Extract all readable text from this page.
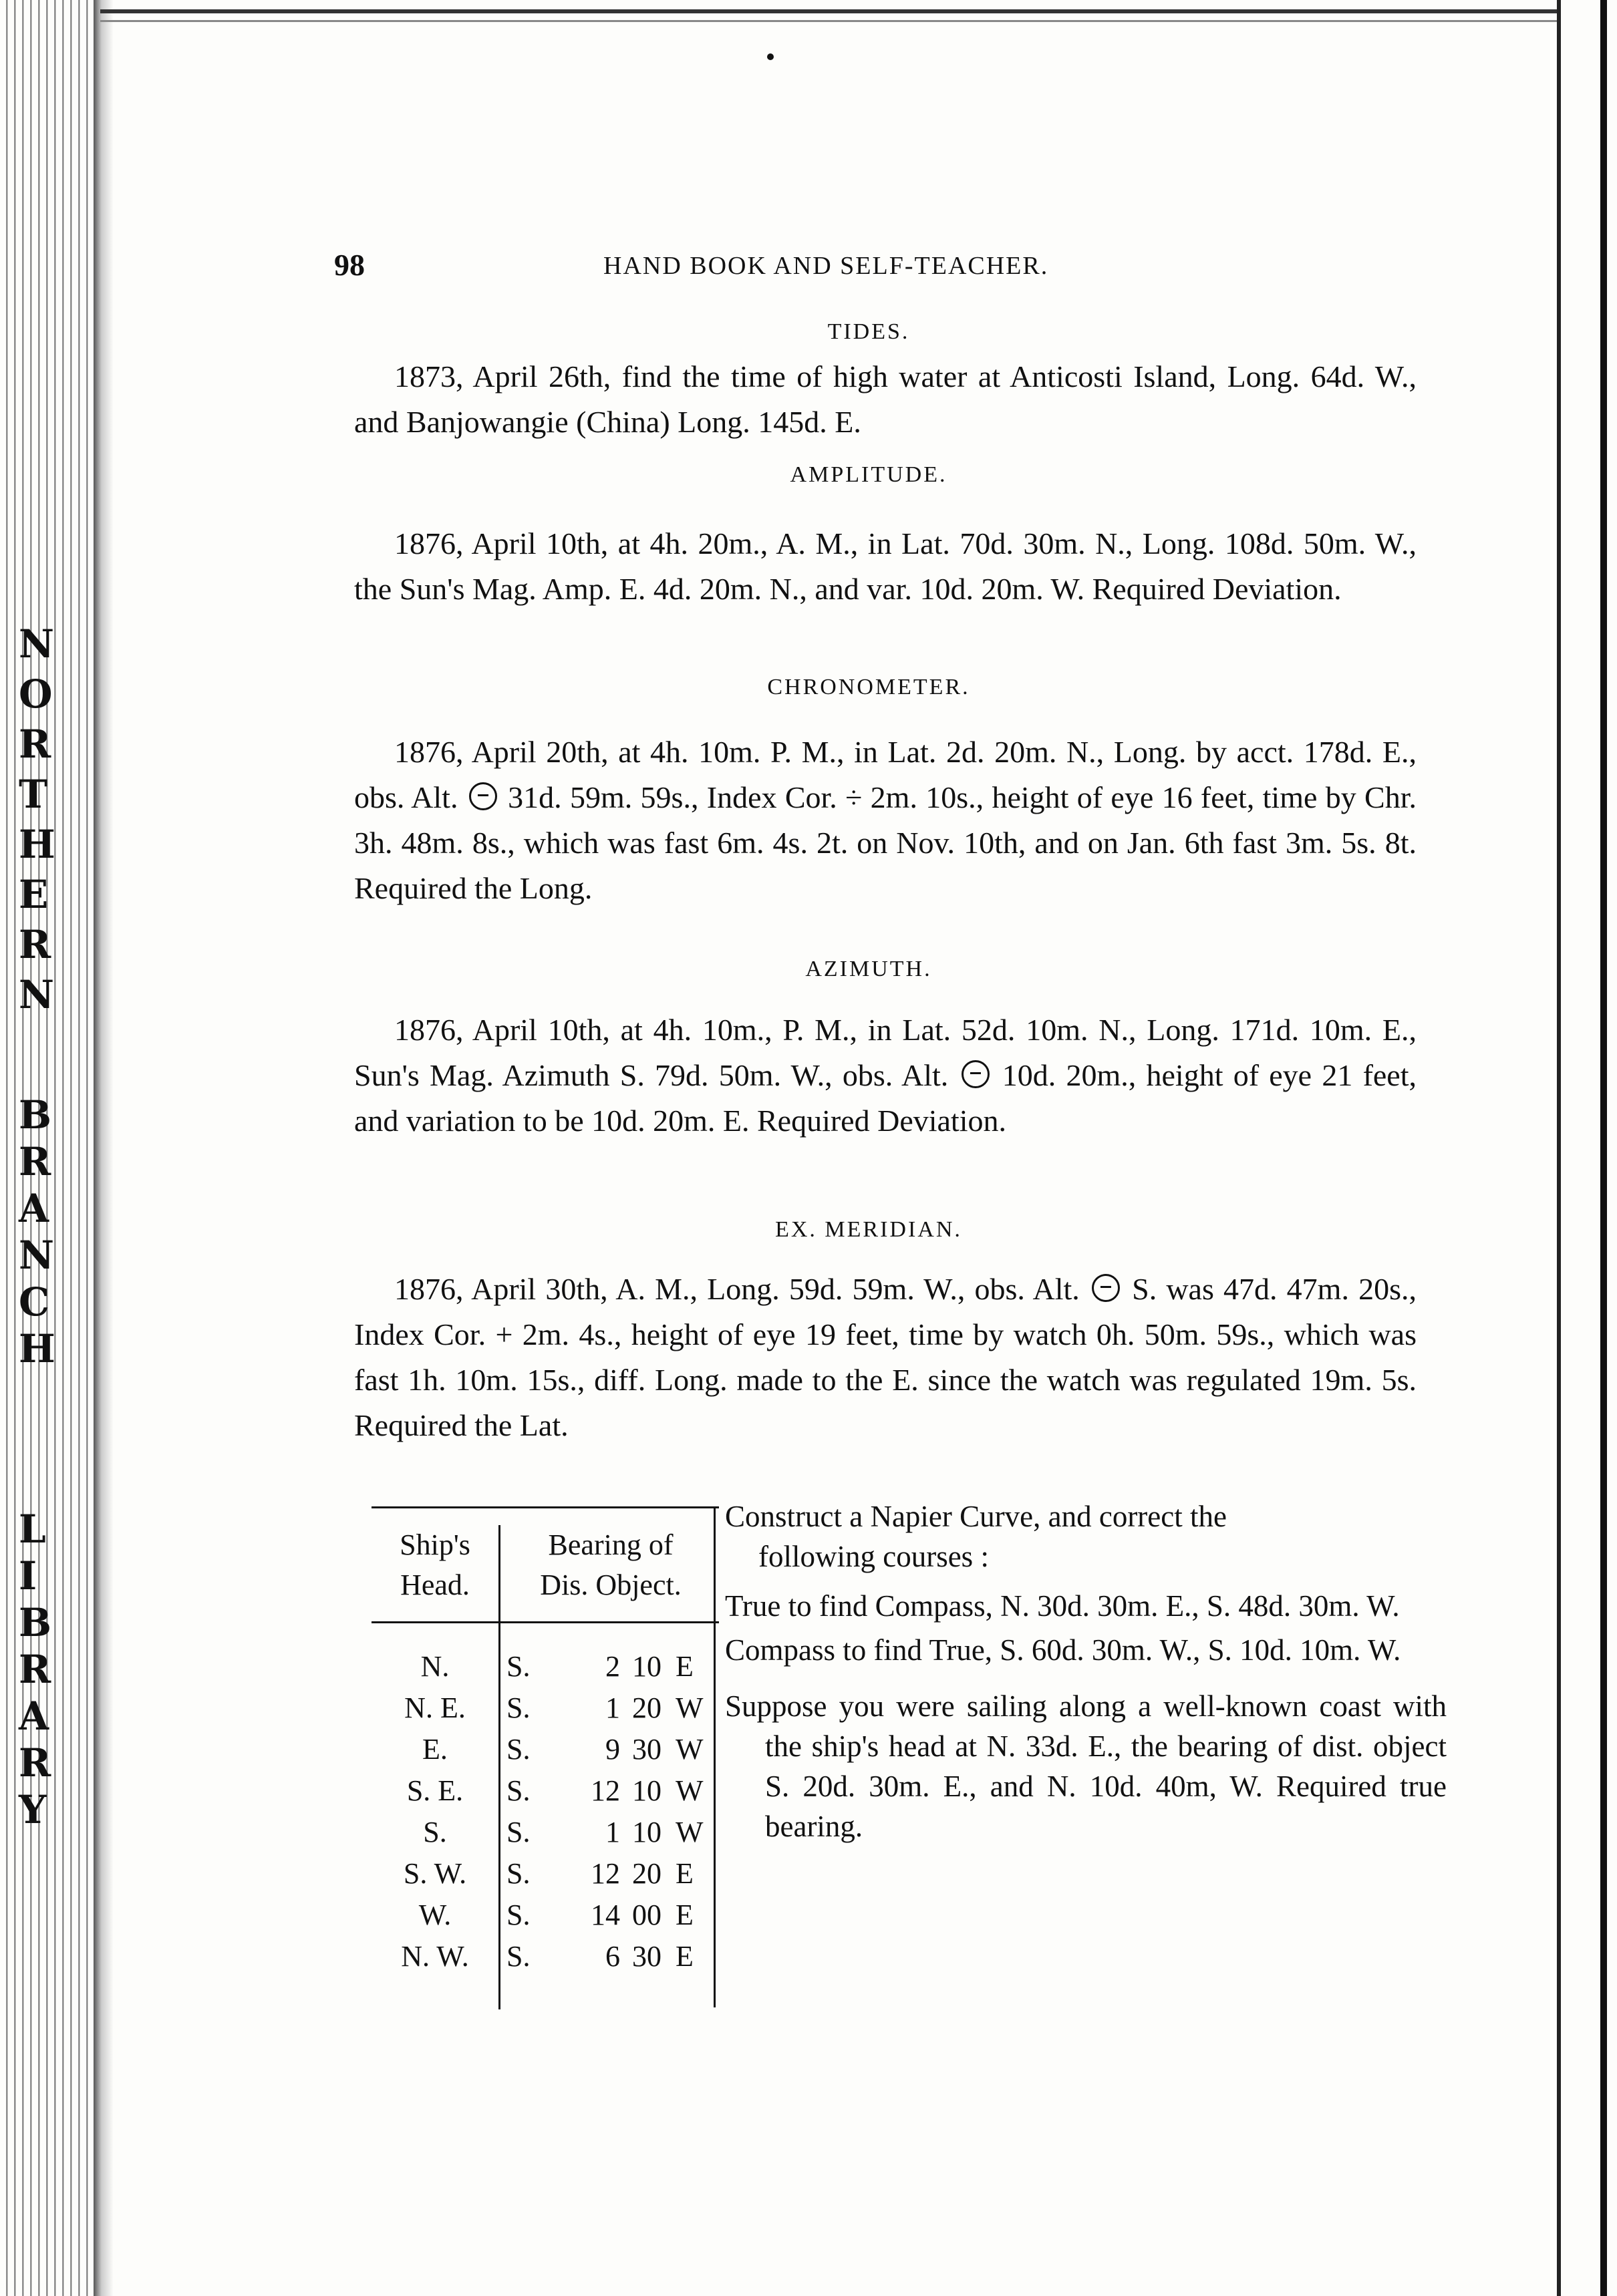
N
O
R
T
H
E
R
N
B
R
A
N
C
H
L
I
B
R
A
R
Y
98	HAND BOOK AND SELF-TEACHER.
TIDES.

1873, April 26th, find the time of high water at Anticosti Island, Long. 64d. W., and Banjowangie (China) Long. 145d. E.

AMPLITUDE.

1876, April 10th, at 4h. 20m., A. M., in Lat. 70d. 30m. N., Long. 108d. 50m. W., the Sun's Mag. Amp. E. 4d. 20m. N., and var. 10d. 20m. W. Required Deviation.

CHRONOMETER.

1876, April 20th, at 4h. 10m. P. M., in Lat. 2d. 20m. N., Long. by acct. 178d. E., obs. Alt. 31d. 59m. 59s., Index Cor. ÷ 2m. 10s., height of eye 16 feet, time by Chr. 3h. 48m. 8s., which was fast 6m. 4s. 2t. on Nov. 10th, and on Jan. 6th fast 3m. 5s. 8t. Required the Long.

AZIMUTH.

1876, April 10th, at 4h. 10m., P. M., in Lat. 52d. 10m. N., Long. 171d. 10m. E., Sun's Mag. Azimuth S. 79d. 50m. W., obs. Alt. 10d. 20m., height of eye 21 feet, and variation to be 10d. 20m. E. Required Deviation.

EX. MERIDIAN.

1876, April 30th, A. M., Long. 59d. 59m. W., obs. Alt. S. was 47d. 47m. 20s., Index Cor. + 2m. 4s., height of eye 19 feet, time by watch 0h. 50m. 59s., which was fast 1h. 10m. 15s., diff. Long. made to the E. since the watch was regulated 19m. 5s. Required the Lat.

Ship's
Head.
Bearing of
Dis. Object.
N.	S.	2 10 E
N. E.	S.	1 20 W
E.	S.	9 30 W
S. E.	S.	12 10 W
S.	S.	1 10 W
S. W.	S.	12 20 E
W.	S.	14 00 E
N. W.	S.	6 30 E

Construct a Napier Curve, and correct the
following courses :

True to find Compass, N. 30d. 30m. E., S. 48d. 30m. W.

Compass to find True, S. 60d. 30m. W., S. 10d. 10m. W.

Suppose you were sailing along a well-known coast with the ship's head at N. 33d. E., the bearing of dist. object S. 20d. 30m. E., and N. 10d. 40m, W. Required true bearing.
